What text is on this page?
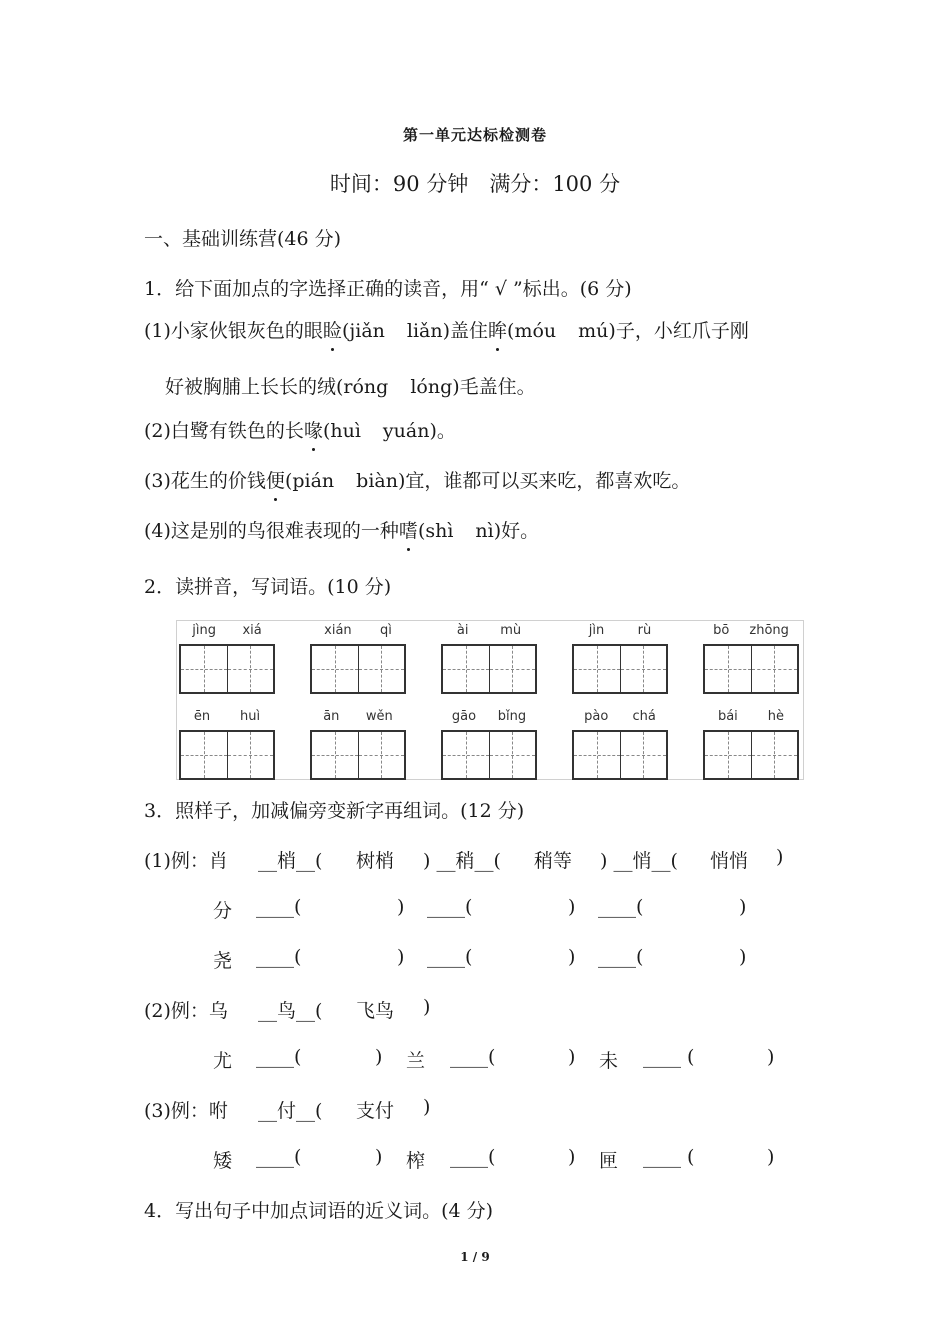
第一单元达标检测卷
时间：90 分钟　满分：100 分
一、基础训练营(46 分)
1．给下面加点的字选择正确的读音，用“ √ ”标出。(6 分)
(1)小家伙银灰色的眼睑(jiǎn liǎn)盖住眸(móu mú)子，小红爪子刚
好被胸脯上长长的绒(róng lóng)毛盖住。
(2)白鹭有铁色的长喙(huì yuán)。
(3)花生的价钱便(pián biàn)宜，谁都可以买来吃，都喜欢吃。
(4)这是别的鸟很难表现的一种嗜(shì nì)好。
2．读拼音，写词语。(10 分)
jìng xiá	xián qì	ài mù	jìn	rù	bō zhōng
ēn huì	ān wěn	gāo bǐng	pào chá	bái hè
3．照样子，加减偏旁变新字再组词。(12 分)
(1)例：肖 __梢__( 树梢 ) __稍__( 稍等 ) __悄__( 悄悄 )
分 ____(	) ____(	) ____(	)
尧 ____(	) ____(	) ____(	)
(2)例：乌 __鸟__( 飞鸟 )
尤 ____(	) 兰 ____(	) 未 ____ (	)
(3)例：咐 __付__( 支付 )
矮 ____(	) 榨 ____(	) 匣 ____ (	)
4．写出句子中加点词语的近义词。(4 分)
1 / 9
